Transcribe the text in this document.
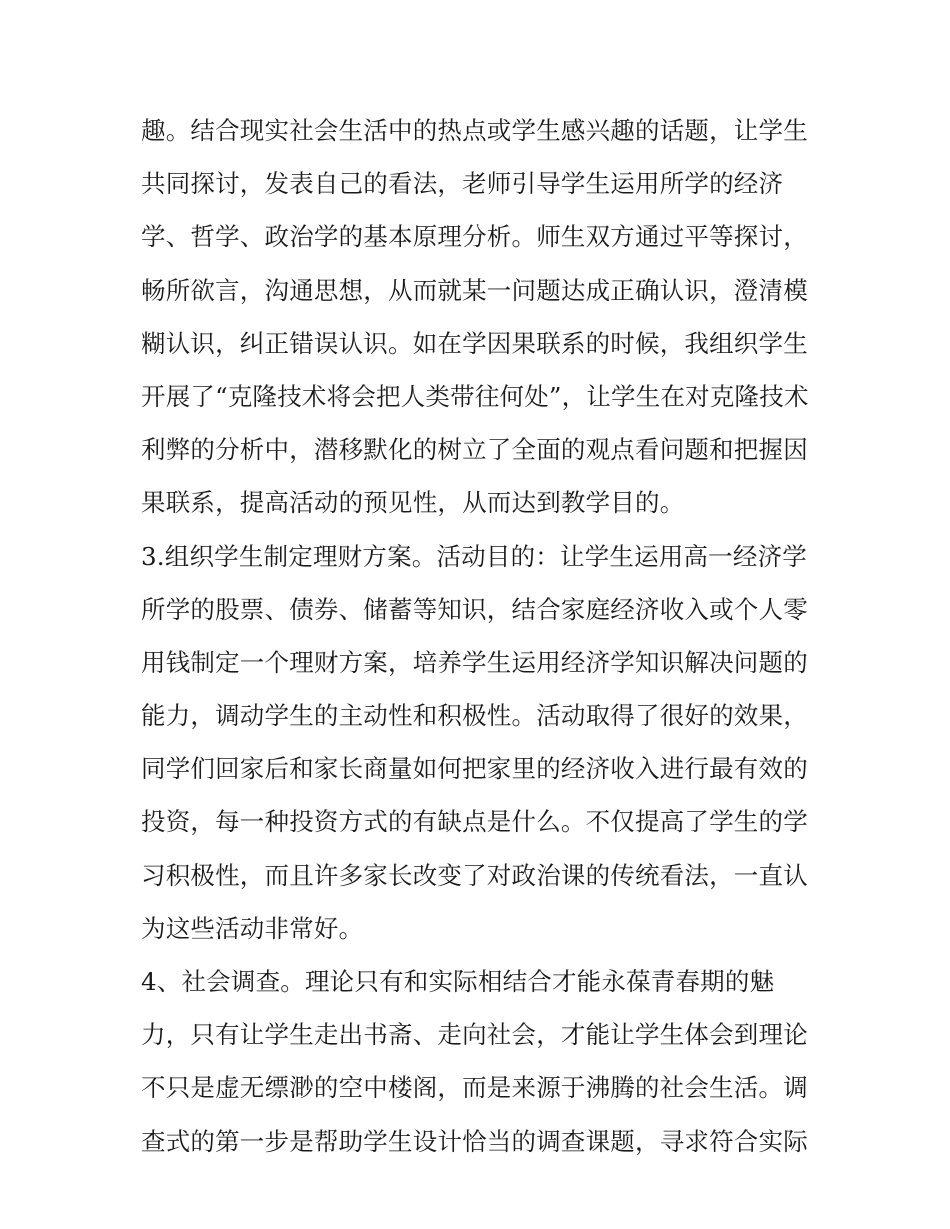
趣。结合现实社会生活中的热点或学生感兴趣的话题，让学生
共同探讨，发表自己的看法，老师引导学生运用所学的经济
学、哲学、政治学的基本原理分析。师生双方通过平等探讨，
畅所欲言，沟通思想，从而就某一问题达成正确认识，澄清模
糊认识，纠正错误认识。如在学因果联系的时候，我组织学生
开展了“克隆技术将会把人类带往何处”，让学生在对克隆技术
利弊的分析中，潜移默化的树立了全面的观点看问题和把握因
果联系，提高活动的预见性，从而达到教学目的。
3.组织学生制定理财方案。活动目的：让学生运用高一经济学
所学的股票、债券、储蓄等知识，结合家庭经济收入或个人零
用钱制定一个理财方案，培养学生运用经济学知识解决问题的
能力，调动学生的主动性和积极性。活动取得了很好的效果，
同学们回家后和家长商量如何把家里的经济收入进行最有效的
投资，每一种投资方式的有缺点是什么。不仅提高了学生的学
习积极性，而且许多家长改变了对政治课的传统看法，一直认
为这些活动非常好。
4、社会调查。理论只有和实际相结合才能永葆青春期的魅
力，只有让学生走出书斋、走向社会，才能让学生体会到理论
不只是虚无缥渺的空中楼阁，而是来源于沸腾的社会生活。调
查式的第一步是帮助学生设计恰当的调查课题，寻求符合实际
